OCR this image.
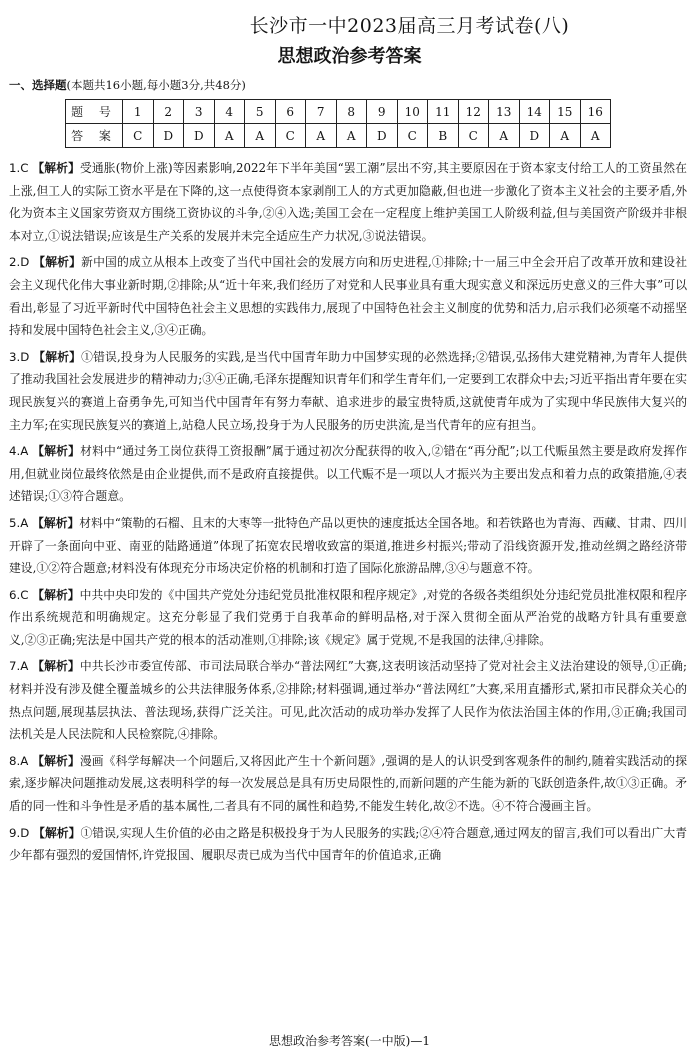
长沙市一中2023届高三月考试卷(八)
思想政治参考答案
一、选择题(本题共16小题,每小题3分,共48分)
题 号	1	2	3	4	5	6	7	8	9	10	11	12	13	14	15	16
答 案	C	D	D	A	A	C	A	A	D	C	B	C	A	D	A	A
1.C 【解析】受通胀(物价上涨)等因素影响,2022年下半年美国“罢工潮”层出不穷,其主要原因在于资本家支付给工人的工资虽然在上涨,但工人的实际工资水平是在下降的,这一点使得资本家剥削工人的方式更加隐蔽,但也进一步激化了资本主义社会的主要矛盾,外化为资本主义国家劳资双方围绕工资协议的斗争,②④入选;美国工会在一定程度上维护美国工人阶级利益,但与美国资产阶级并非根本对立,①说法错误;应该是生产关系的发展并未完全适应生产力状况,③说法错误。
2.D 【解析】新中国的成立从根本上改变了当代中国社会的发展方向和历史进程,①排除;十一届三中全会开启了改革开放和建设社会主义现代化伟大事业新时期,②排除;从“近十年来,我们经历了对党和人民事业具有重大现实意义和深远历史意义的三件大事”可以看出,彰显了习近平新时代中国特色社会主义思想的实践伟力,展现了中国特色社会主义制度的优势和活力,启示我们必须毫不动摇坚持和发展中国特色社会主义,③④正确。
3.D 【解析】①错误,投身为人民服务的实践,是当代中国青年助力中国梦实现的必然选择;②错误,弘扬伟大建党精神,为青年人提供了推动我国社会发展进步的精神动力;③④正确,毛泽东提醒知识青年们和学生青年们,一定要到工农群众中去;习近平指出青年要在实现民族复兴的赛道上奋勇争先,可知当代中国青年有努力奉献、追求进步的最宝贵特质,这就使青年成为了实现中华民族伟大复兴的主力军;在实现民族复兴的赛道上,站稳人民立场,投身于为人民服务的历史洪流,是当代青年的应有担当。
4.A 【解析】材料中“通过务工岗位获得工资报酬”属于通过初次分配获得的收入,②错在“再分配”;以工代赈虽然主要是政府发挥作用,但就业岗位最终依然是由企业提供,而不是政府直接提供。以工代赈不是一项以人才振兴为主要出发点和着力点的政策措施,④表述错误;①③符合题意。
5.A 【解析】材料中“策勒的石榴、且末的大枣等一批特色产品以更快的速度抵达全国各地。和若铁路也为青海、西藏、甘肃、四川开辟了一条面向中亚、南亚的陆路通道”体现了拓宽农民增收致富的渠道,推进乡村振兴;带动了沿线资源开发,推动丝绸之路经济带建设,①②符合题意;材料没有体现充分市场决定价格的机制和打造了国际化旅游品牌,③④与题意不符。
6.C 【解析】中共中央印发的《中国共产党处分违纪党员批准权限和程序规定》,对党的各级各类组织处分违纪党员批准权限和程序作出系统规范和明确规定。这充分彰显了我们党勇于自我革命的鲜明品格,对于深入贯彻全面从严治党的战略方针具有重要意义,②③正确;宪法是中国共产党的根本的活动准则,①排除;该《规定》属于党规,不是我国的法律,④排除。
7.A 【解析】中共长沙市委宣传部、市司法局联合举办“普法网红”大赛,这表明该活动坚持了党对社会主义法治建设的领导,①正确;材料并没有涉及健全覆盖城乡的公共法律服务体系,②排除;材料强调,通过举办“普法网红”大赛,采用直播形式,紧扣市民群众关心的热点问题,展现基层执法、普法现场,获得广泛关注。可见,此次活动的成功举办发挥了人民作为依法治国主体的作用,③正确;我国司法机关是人民法院和人民检察院,④排除。
8.A 【解析】漫画《科学每解决一个问题后,又将因此产生十个新问题》,强调的是人的认识受到客观条件的制约,随着实践活动的探索,逐步解决问题推动发展,这表明科学的每一次发展总是具有历史局限性的,而新问题的产生能为新的飞跃创造条件,故①③正确。矛盾的同一性和斗争性是矛盾的基本属性,二者具有不同的属性和趋势,不能发生转化,故②不选。④不符合漫画主旨。
9.D 【解析】①错误,实现人生价值的必由之路是积极投身于为人民服务的实践;②④符合题意,通过网友的留言,我们可以看出广大青少年都有强烈的爱国情怀,许党报国、履职尽责已成为当代中国青年的价值追求,正确
思想政治参考答案(一中版)—1
